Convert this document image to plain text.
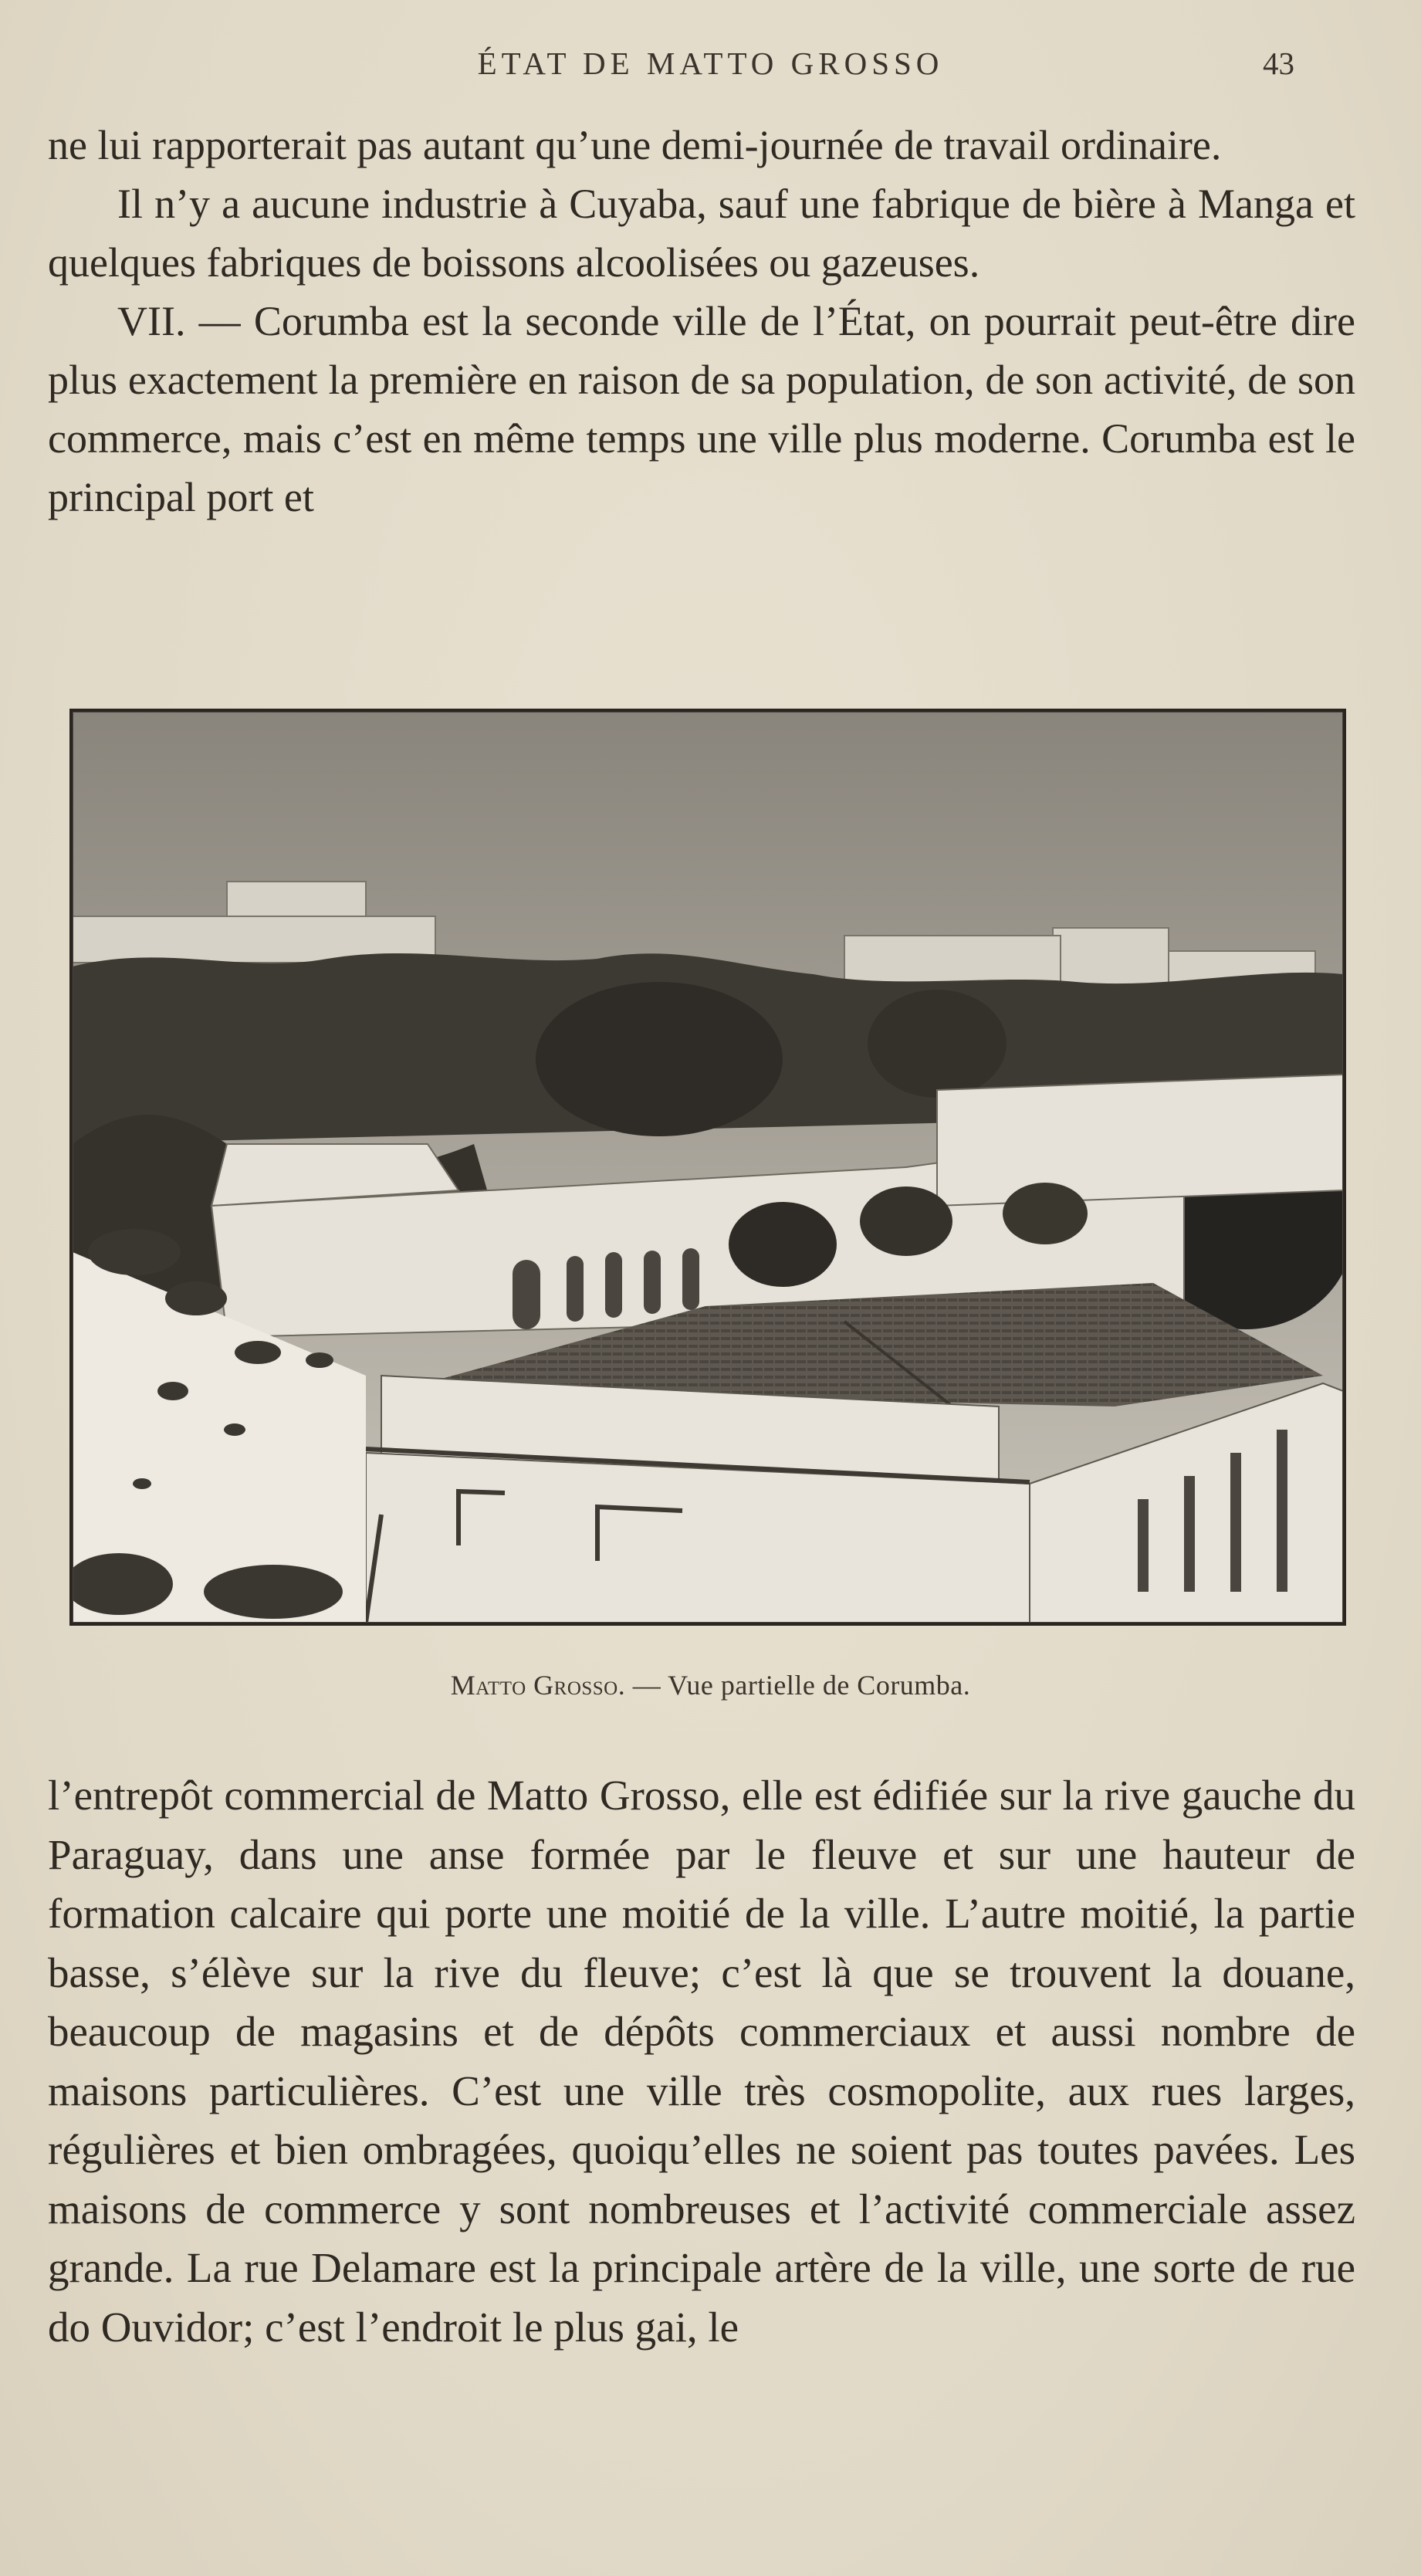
ÉTAT DE MATTO GROSSO	43

ne lui rapporterait pas autant qu’une demi-journée de travail ordinaire.

Il n’y a aucune industrie à Cuyaba, sauf une fabrique de bière à Manga et quelques fabriques de boissons alcoolisées ou gazeuses.

VII. — Corumba est la seconde ville de l’État, on pourrait peut-être dire plus exactement la première en raison de sa population, de son activité, de son commerce, mais c’est en même temps une ville plus moderne. Corumba est le principal port et

Matto Grosso. — Vue partielle de Corumba.

l’entrepôt commercial de Matto Grosso, elle est édifiée sur la rive gauche du Paraguay, dans une anse formée par le fleuve et sur une hauteur de formation calcaire qui porte une moitié de la ville. L’autre moitié, la partie basse, s’élève sur la rive du fleuve; c’est là que se trouvent la douane, beaucoup de magasins et de dépôts commerciaux et aussi nombre de maisons particulières. C’est une ville très cosmopolite, aux rues larges, régulières et bien ombragées, quoiqu’elles ne soient pas toutes pavées. Les maisons de commerce y sont nombreuses et l’activité commerciale assez grande. La rue Delamare est la principale artère de la ville, une sorte de rue do Ouvidor; c’est l’endroit le plus gai, le
